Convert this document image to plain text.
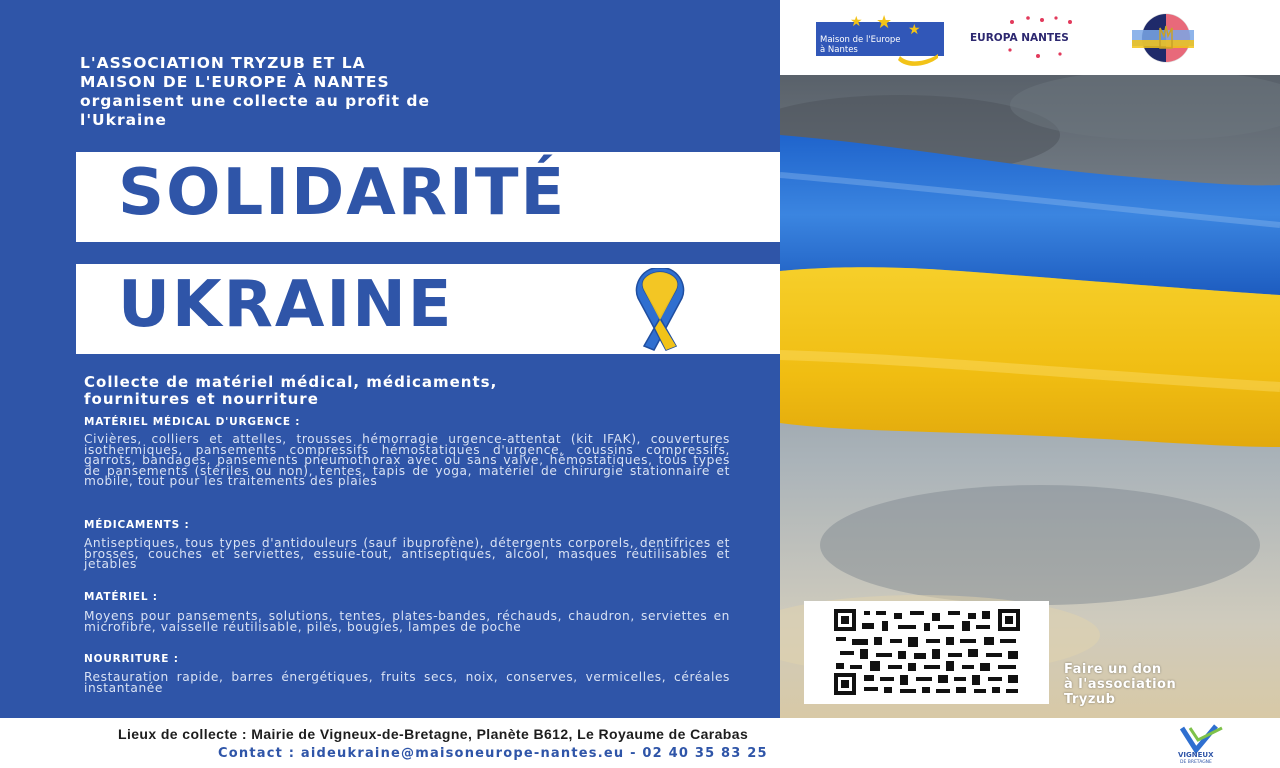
L'ASSOCIATION TRYZUB ET LA
MAISON DE L'EUROPE À NANTES
organisent une collecte au profit de
l'Ukraine
SOLIDARITÉ
UKRAINE
Collecte de matériel médical, médicaments,
fournitures et nourriture
MATÉRIEL MÉDICAL D'URGENCE :
Civières, colliers et attelles, trousses hémorragie urgence-attentat (kit IFAK), couvertures isothermiques, pansements compressifs hémostatiques d'urgence, coussins compressifs, garrots, bandages, pansements pneumothorax avec ou sans valve, hémostatiques, tous types de pansements (stériles ou non), tentes, tapis de yoga, matériel de chirurgie stationnaire et mobile, tout pour les traitements des plaies
MÉDICAMENTS :
Antiseptiques, tous types d'antidouleurs (sauf ibuprofène), détergents corporels, dentifrices et brosses, couches et serviettes, essuie-tout, antiseptiques, alcool, masques réutilisables et jetables
MATÉRIEL :
Moyens pour pansements, solutions, tentes, plates-bandes, réchauds, chaudron, serviettes en microfibre, vaisselle réutilisable, piles, bougies, lampes de poche
NOURRITURE :
Restauration rapide, barres énergétiques, fruits secs, noix, conserves, vermicelles, céréales instantanée
★ ★ ★
Maison de l'Europe
à Nantes
EUROPA NANTES
Faire un don
à l'association
Tryzub
Lieux de collecte : Mairie de Vigneux-de-Bretagne, Planète B612, Le Royaume de Carabas
Contact : aideukraine@maisoneurope-nantes.eu - 02 40 35 83 25	VIGNEUX
DE BRETAGNE
